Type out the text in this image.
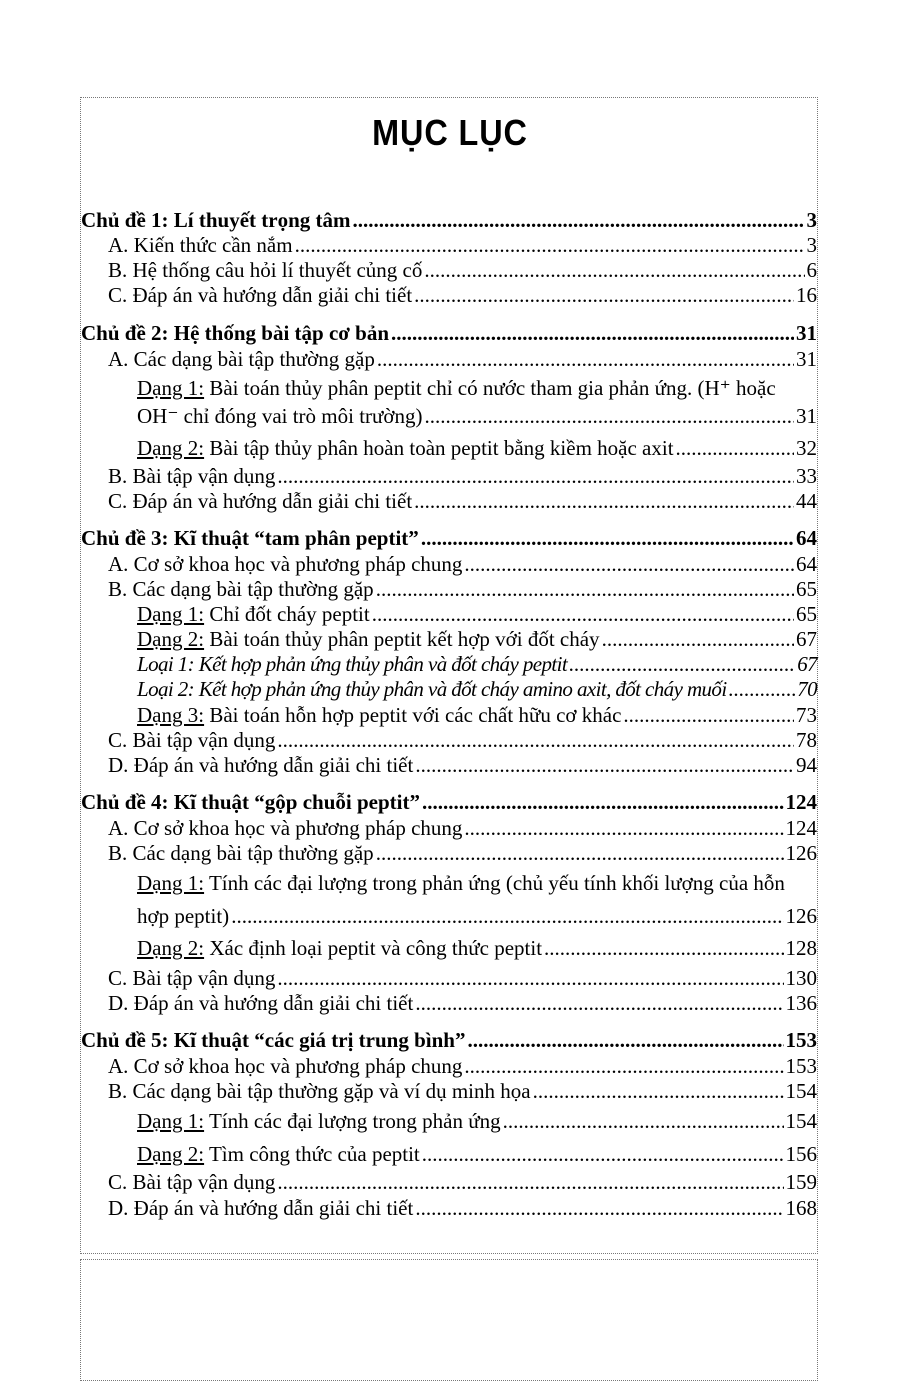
MỤC LỤC
Chủ đề 1: Lí thuyết trọng tâm .....	3
A. Kiến thức cần nắm .....	3
B. Hệ thống câu hỏi lí thuyết củng cố .....	6
C. Đáp án và hướng dẫn giải chi tiết .....	16
Chủ đề 2: Hệ thống bài tập cơ bản .....	31
A. Các dạng bài tập thường gặp .....	31
Dạng 1: Bài toán thủy phân peptit chỉ có nước tham gia phản ứng. (H⁺ hoặc
OH⁻ chỉ đóng vai trò môi trường) .....	31
Dạng 2: Bài tập thủy phân hoàn toàn peptit bằng kiềm hoặc axit .....	32
B. Bài tập vận dụng .....	33
C. Đáp án và hướng dẫn giải chi tiết .....	44
Chủ đề 3: Kĩ thuật “tam phân peptit” .....	64
A. Cơ sở khoa học và phương pháp chung .....	64
B. Các dạng bài tập thường gặp .....	65
Dạng 1: Chỉ đốt cháy peptit .....	65
Dạng 2: Bài toán thủy phân peptit kết hợp với đốt cháy .....	67
Loại 1: Kết hợp phản ứng thủy phân và đốt cháy peptit .....	67
Loại 2: Kết hợp phản ứng thủy phân và đốt cháy amino axit, đốt cháy muối .....	70
Dạng 3: Bài toán hỗn hợp peptit với các chất hữu cơ khác .....	73
C. Bài tập vận dụng .....	78
D. Đáp án và hướng dẫn giải chi tiết .....	94
Chủ đề 4: Kĩ thuật “gộp chuỗi peptit” .....	124
A. Cơ sở khoa học và phương pháp chung .....	124
B. Các dạng bài tập thường gặp .....	126
Dạng 1: Tính các đại lượng trong phản ứng (chủ yếu tính khối lượng của hỗn
hợp peptit) .....	126
Dạng 2: Xác định loại peptit và công thức peptit .....	128
C. Bài tập vận dụng .....	130
D. Đáp án và hướng dẫn giải chi tiết .....	136
Chủ đề 5: Kĩ thuật “các giá trị trung bình” .....	153
A. Cơ sở khoa học và phương pháp chung .....	153
B. Các dạng bài tập thường gặp và ví dụ minh họa .....	154
Dạng 1: Tính các đại lượng trong phản ứng .....	154
Dạng 2: Tìm công thức của peptit .....	156
C. Bài tập vận dụng .....	159
D. Đáp án và hướng dẫn giải chi tiết .....	168
